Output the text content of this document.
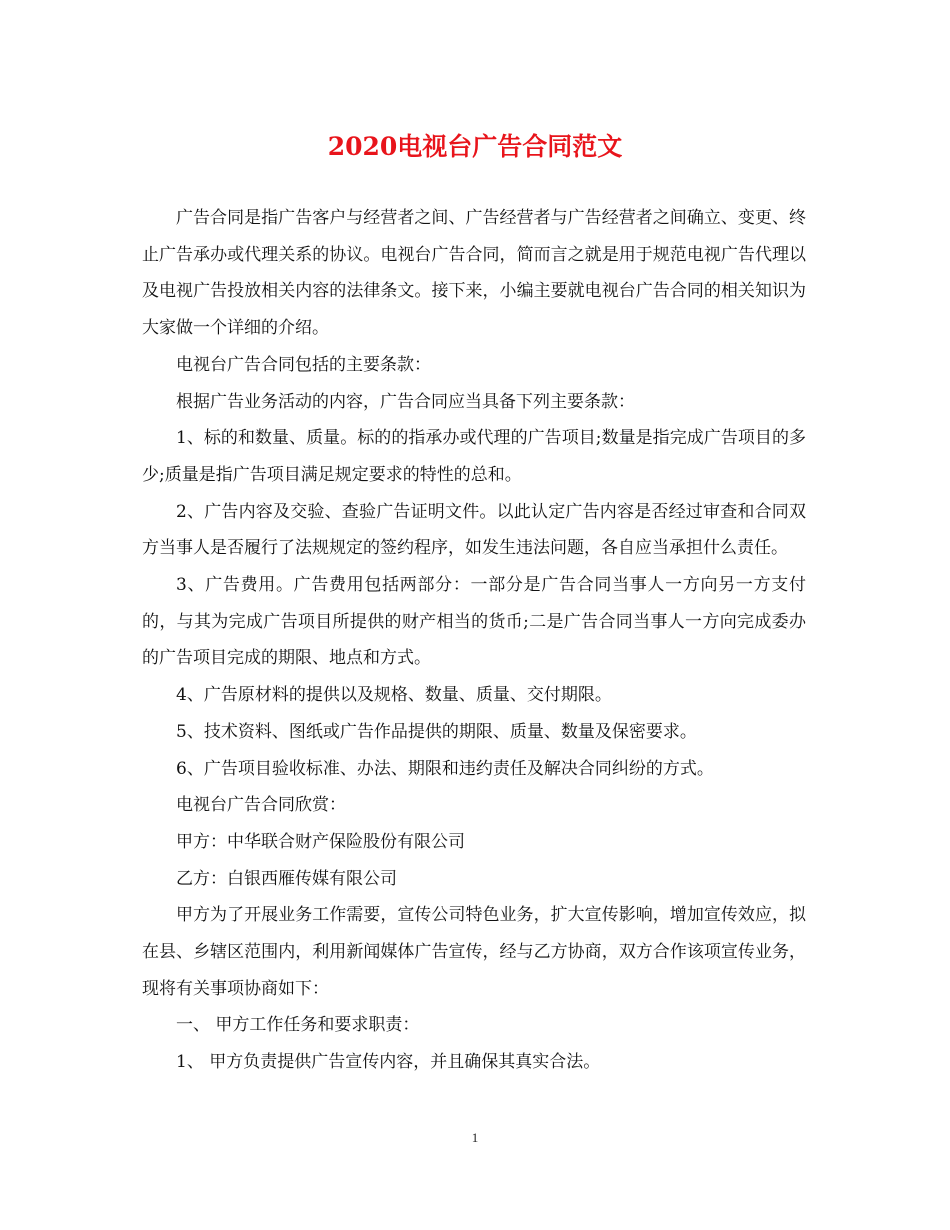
2020电视台广告合同范文

广告合同是指广告客户与经营者之间、广告经营者与广告经营者之间确立、变更、终止广告承办或代理关系的协议。电视台广告合同，简而言之就是用于规范电视广告代理以及电视广告投放相关内容的法律条文。接下来，小编主要就电视台广告合同的相关知识为大家做一个详细的介绍。

电视台广告合同包括的主要条款：

根据广告业务活动的内容，广告合同应当具备下列主要条款：

1、标的和数量、质量。标的的指承办或代理的广告项目;数量是指完成广告项目的多少;质量是指广告项目满足规定要求的特性的总和。

2、广告内容及交验、查验广告证明文件。以此认定广告内容是否经过审查和合同双方当事人是否履行了法规规定的签约程序，如发生违法问题，各自应当承担什么责任。

3、广告费用。广告费用包括两部分：一部分是广告合同当事人一方向另一方支付的，与其为完成广告项目所提供的财产相当的货币;二是广告合同当事人一方向完成委办的广告项目完成的期限、地点和方式。

4、广告原材料的提供以及规格、数量、质量、交付期限。

5、技术资料、图纸或广告作品提供的期限、质量、数量及保密要求。

6、广告项目验收标准、办法、期限和违约责任及解决合同纠纷的方式。

电视台广告合同欣赏：

甲方：中华联合财产保险股份有限公司

乙方：白银西雁传媒有限公司

甲方为了开展业务工作需要，宣传公司特色业务，扩大宣传影响，增加宣传效应，拟在县、乡辖区范围内，利用新闻媒体广告宣传，经与乙方协商，双方合作该项宣传业务，现将有关事项协商如下：

一、 甲方工作任务和要求职责：

1、 甲方负责提供广告宣传内容，并且确保其真实合法。

1
